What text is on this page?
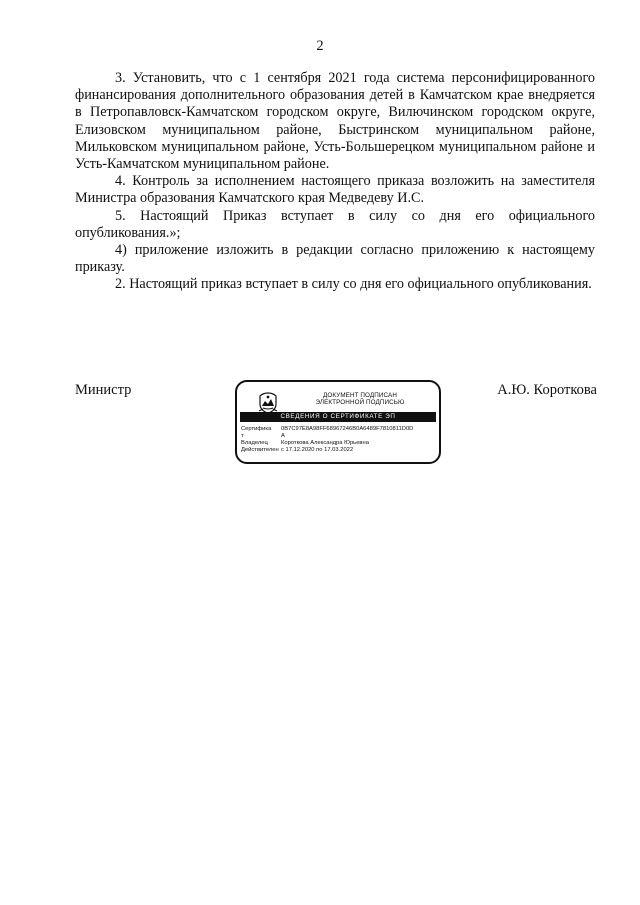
2

3. Установить, что с 1 сентября 2021 года система персонифицированного финансирования дополнительного образования детей в Камчатском крае внедряется в Петропавловск-Камчатском городском округе, Вилючинском городском округе, Елизовском муниципальном районе, Быстринском муниципальном районе, Мильковском муниципальном районе, Усть-Большерецком муниципальном районе и Усть-Камчатском муниципальном районе.

4. Контроль за исполнением настоящего приказа возложить на заместителя Министра образования Камчатского края Медведеву И.С.

5. Настоящий Приказ вступает в силу со дня его официального опубликования.»;

4) приложение изложить в редакции согласно приложению к настоящему приказу.

2. Настоящий приказ вступает в силу со дня его официального опубликования.

Министр	ДОКУМЕНТ ПОДПИСАН
ЭЛЕКТРОННОЙ ПОДПИСЬЮ
СВЕДЕНИЯ О СЕРТИФИКАТЕ ЭП
Сертифика	0B7C97E8A98FF68967246B0A6489F7810811D0D
т	A
Владелец	Короткова Александра Юрьевна
Действителен с 17.12.2020 по 17.03.2022
А.Ю. Короткова
